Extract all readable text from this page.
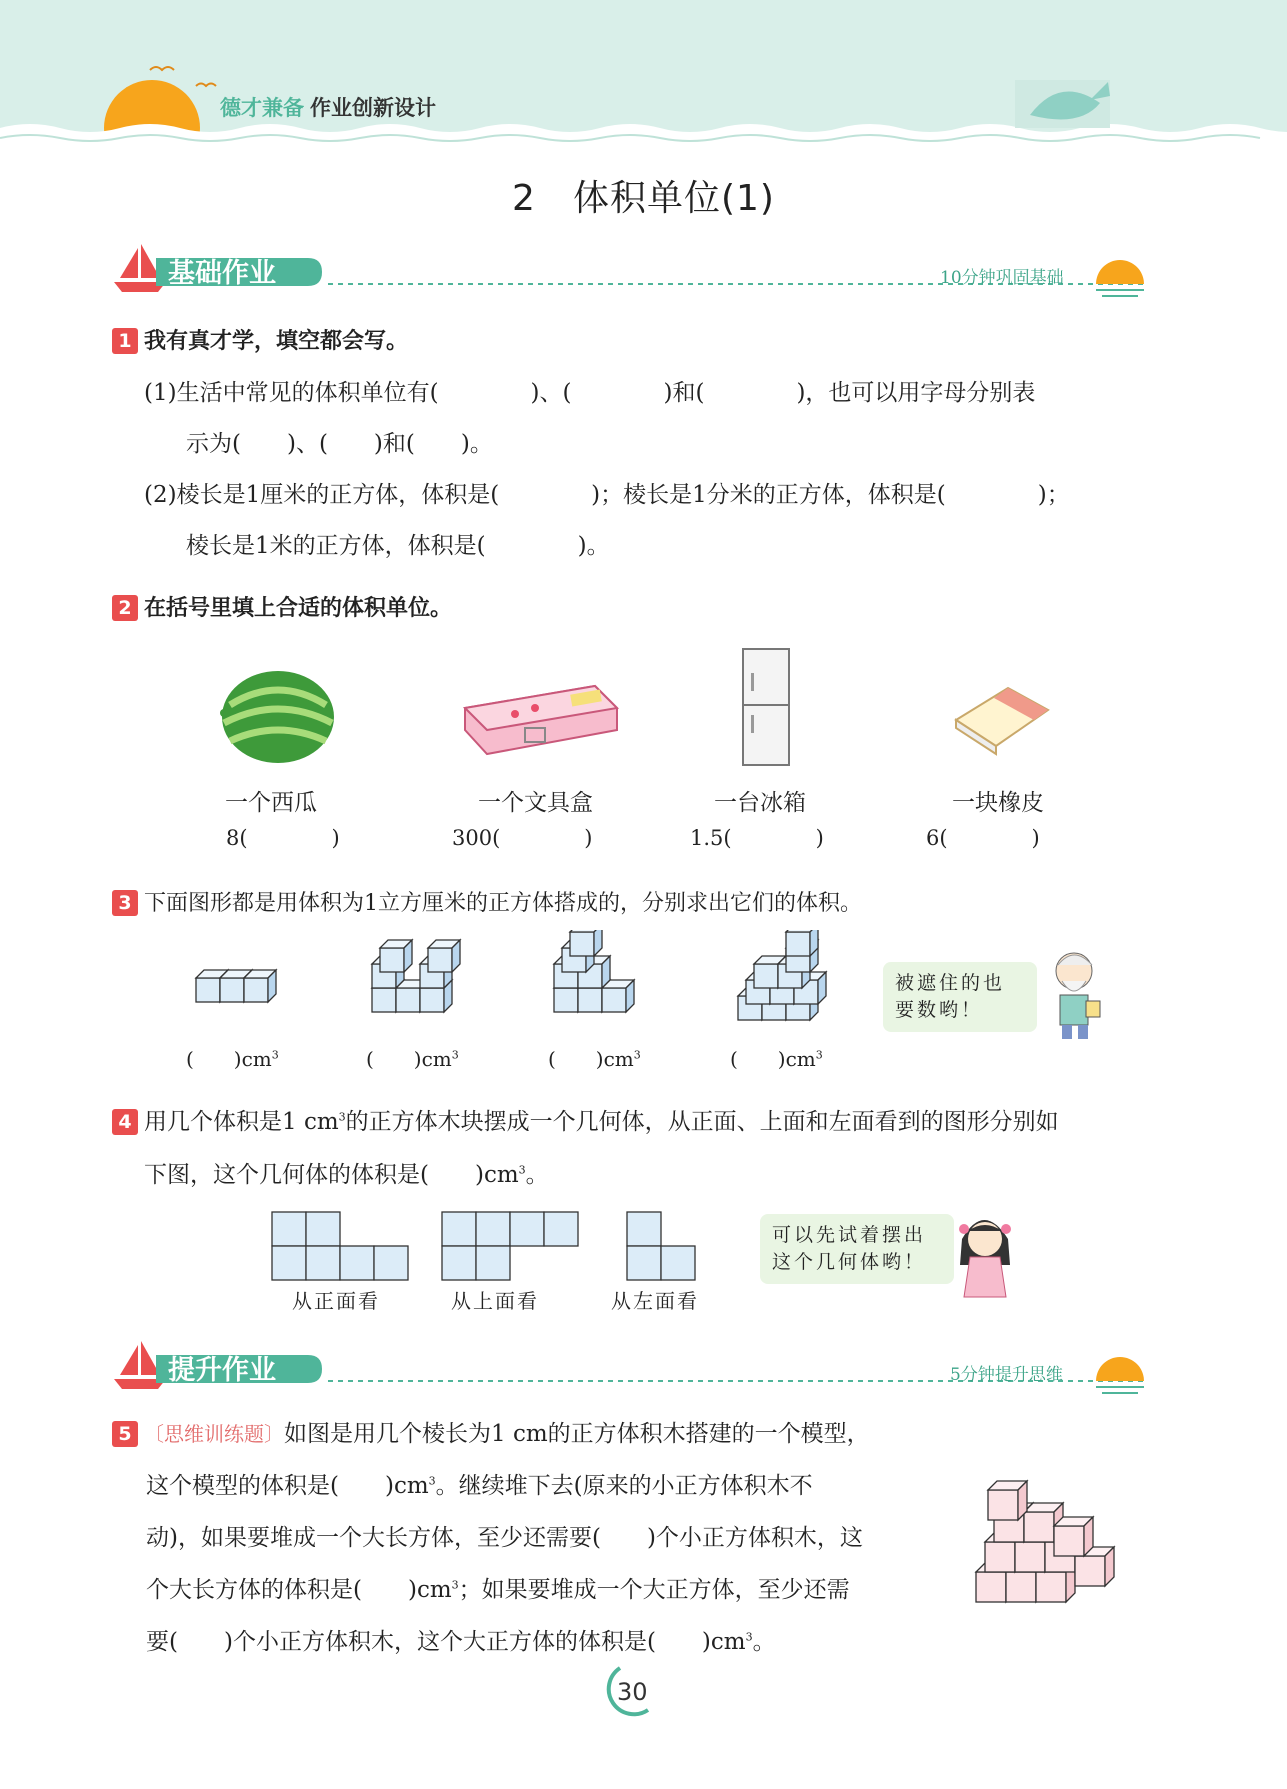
德才兼备 作业创新设计
2　体积单位(1)
基础作业	10分钟巩固基础
1 我有真才学，填空都会写。
(1)生活中常见的体积单位有(　　　　)、(　　　　)和(　　　　)，也可以用字母分别表
示为(　　)、(　　)和(　　)。
(2)棱长是1厘米的正方体，体积是(　　　　)；棱长是1分米的正方体，体积是(　　　　)；
棱长是1米的正方体，体积是(　　　　)。
2 在括号里填上合适的体积单位。
一个西瓜	一个文具盒	一台冰箱	一块橡皮
8(　　　　)	300(　　　　)	1.5(　　　　)	6(　　　　)
3 下面图形都是用体积为1立方厘米的正方体搭成的，分别求出它们的体积。
(　　)$cm^3$	(　　)$cm^3$	(　　)$cm^3$	(　　)$cm^3$
被遮住的也
要数哟！
4 用几个体积是1 $cm^3$的正方体木块摆成一个几何体，从正面、上面和左面看到的图形分别如
下图，这个几何体的体积是(　　)$cm^3$。
从正面看	从上面看	从左面看
可以先试着摆出
这个几何体哟！
提升作业	5分钟提升思维
5 〔思维训练题〕如图是用几个棱长为1 cm的正方体积木搭建的一个模型，
这个模型的体积是(　　)$cm^3$。继续堆下去(原来的小正方体积木不
动)，如果要堆成一个大长方体，至少还需要(　　)个小正方体积木，这
个大长方体的体积是(　　)$cm^3$；如果要堆成一个大正方体，至少还需
要(　　)个小正方体积木，这个大正方体的体积是(　　)$cm^3$。
30
